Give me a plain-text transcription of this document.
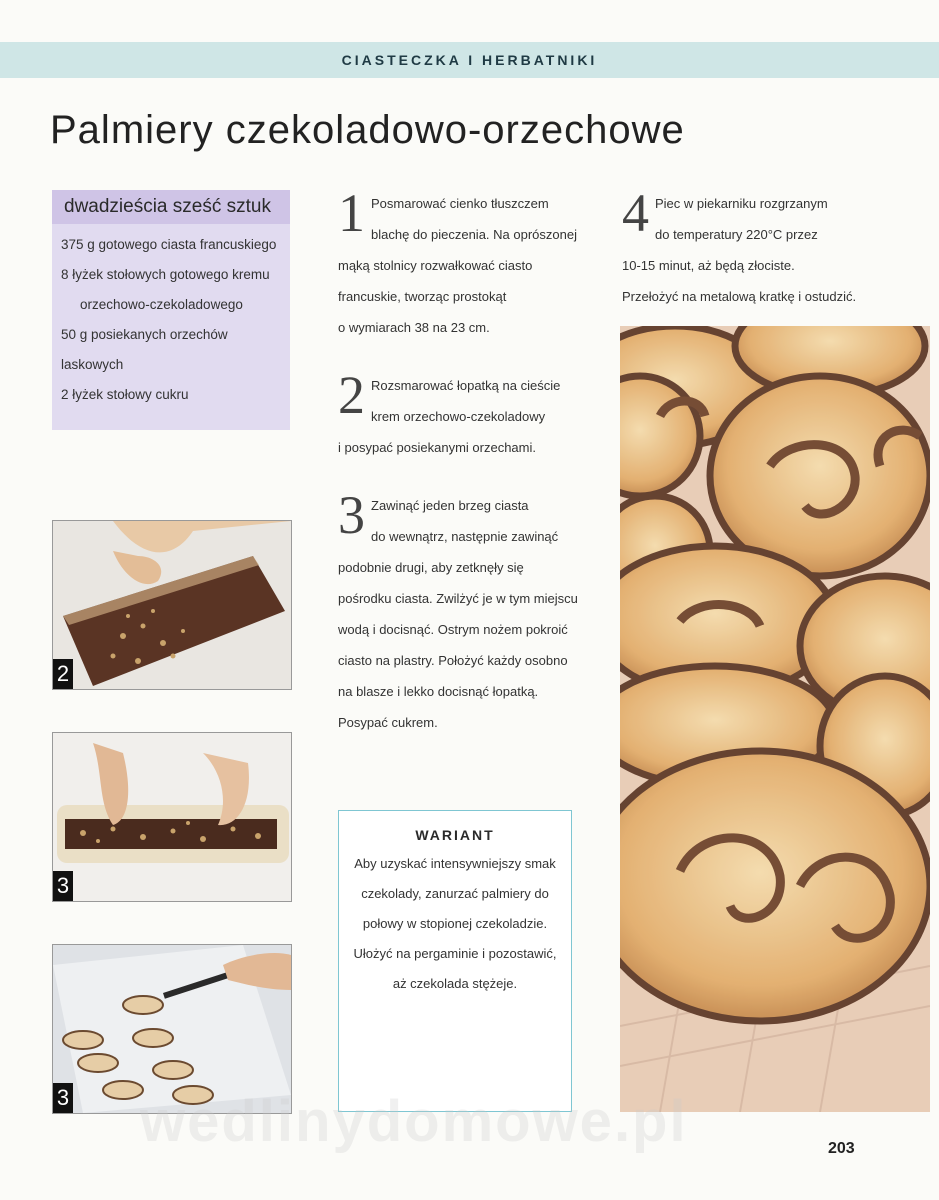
CIASTECZKA I HERBATNIKI
Palmiery czekoladowo-orzechowe
dwadzieścia sześć sztuk
375 g gotowego ciasta francuskiego
8 łyżek stołowych gotowego kremu
orzechowo-czekoladowego
50 g posiekanych orzechów laskowych
2 łyżek stołowy cukru
2
3
3
1 Posmarować cienko tłuszczem
blachę do pieczenia. Na oprószonej
mąką stolnicy rozwałkować ciasto
francuskie, tworząc prostokąt
o wymiarach 38 na 23 cm.
2 Rozsmarować łopatką na cieście
krem orzechowo-czekoladowy
i posypać posiekanymi orzechami.
3 Zawinąć jeden brzeg ciasta
do wewnątrz, następnie zawinąć
podobnie drugi, aby zetknęły się
pośrodku ciasta. Zwilżyć je w tym miejscu
wodą i docisnąć. Ostrym nożem pokroić
ciasto na plastry. Położyć każdy osobno
na blasze i lekko docisnąć łopatką.
Posypać cukrem.
4 Piec w piekarniku rozgrzanym
do temperatury 220°C przez
10-15 minut, aż będą złociste.
Przełożyć na metalową kratkę i ostudzić.
WARIANT
Aby uzyskać intensywniejszy smak
czekolady, zanurzać palmiery do
połowy w stopionej czekoladzie.
Ułożyć na pergaminie i pozostawić,
aż czekolada stężeje.
wedlinydomowe.pl	203
